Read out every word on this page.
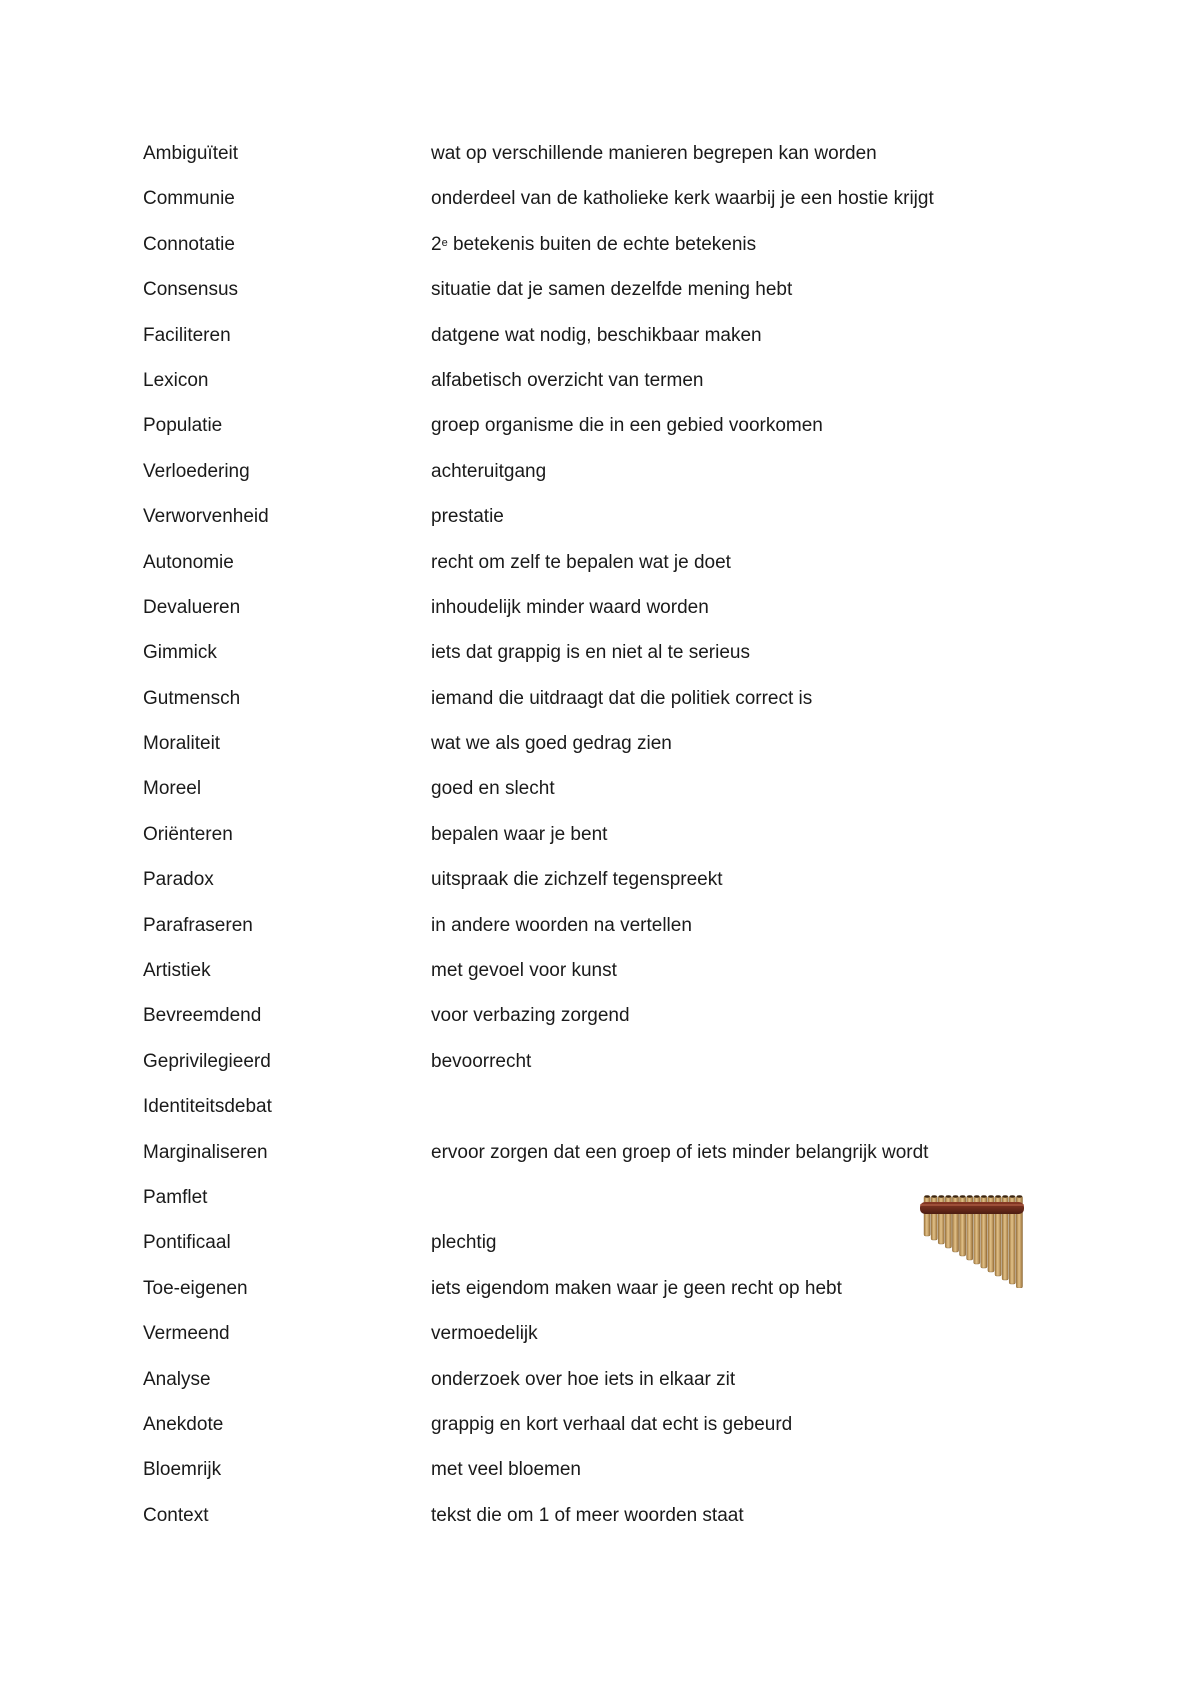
Ambiguïteit	wat op verschillende manieren begrepen kan worden
Communie	onderdeel van de katholieke kerk waarbij je een hostie krijgt
Connotatie	2e betekenis buiten de echte betekenis
Consensus	situatie dat je samen dezelfde mening hebt
Faciliteren	datgene wat nodig, beschikbaar maken
Lexicon	alfabetisch overzicht van termen
Populatie	groep organisme die in een gebied voorkomen
Verloedering	achteruitgang
Verworvenheid	prestatie
Autonomie	recht om zelf te bepalen wat je doet
Devalueren	inhoudelijk minder waard worden
Gimmick	iets dat grappig is en niet al te serieus
Gutmensch	iemand die uitdraagt dat die politiek correct is
Moraliteit	wat we als goed gedrag zien
Moreel	goed en slecht
Oriënteren	bepalen waar je bent
Paradox	uitspraak die zichzelf tegenspreekt
Parafraseren	in andere woorden na vertellen
Artistiek	met gevoel voor kunst
Bevreemdend	voor verbazing zorgend
Geprivilegieerd	bevoorrecht
Identiteitsdebat
Marginaliseren	ervoor zorgen dat een groep of iets minder belangrijk wordt
Pamflet
Pontificaal	plechtig
Toe-eigenen	iets eigendom maken waar je geen recht op hebt
Vermeend	vermoedelijk
Analyse	onderzoek over hoe iets in elkaar zit
Anekdote	grappig en kort verhaal dat echt is gebeurd
Bloemrijk	met veel bloemen
Context	tekst die om 1 of meer woorden staat
